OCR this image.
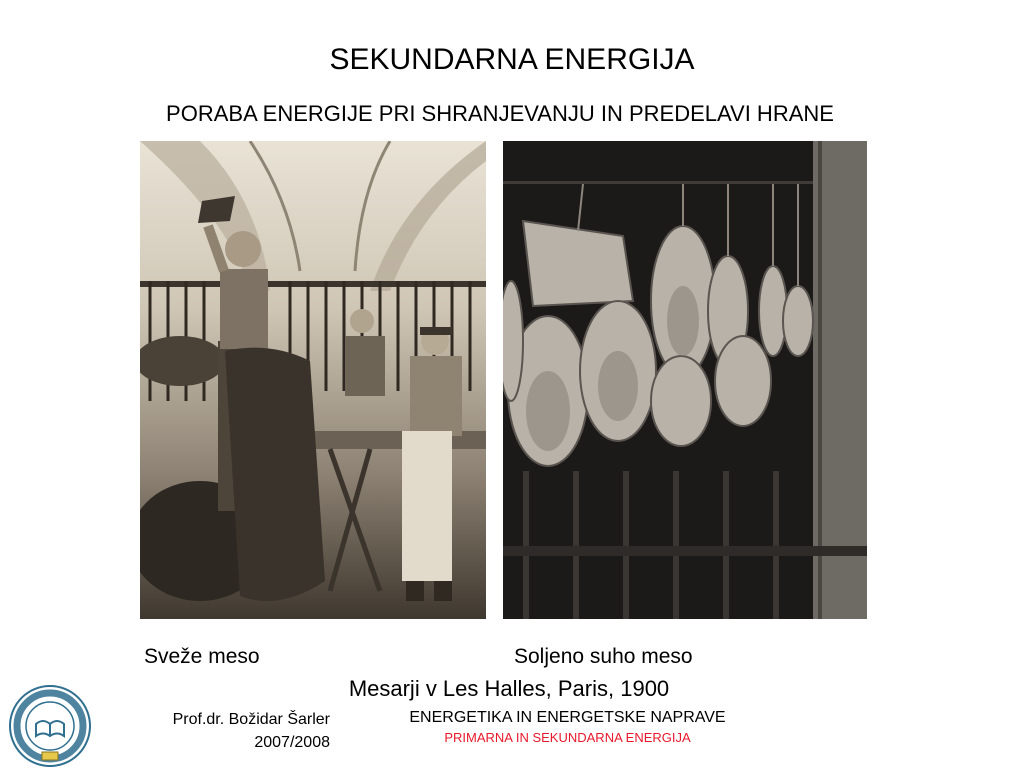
SEKUNDARNA ENERGIJA
PORABA ENERGIJE PRI SHRANJEVANJU IN PREDELAVI HRANE
Sveže meso	Soljeno suho meso
Mesarji v Les Halles, Paris, 1900
Prof.dr. Božidar Šarler
2007/2008
ENERGETIKA IN ENERGETSKE NAPRAVE
PRIMARNA IN SEKUNDARNA ENERGIJA
